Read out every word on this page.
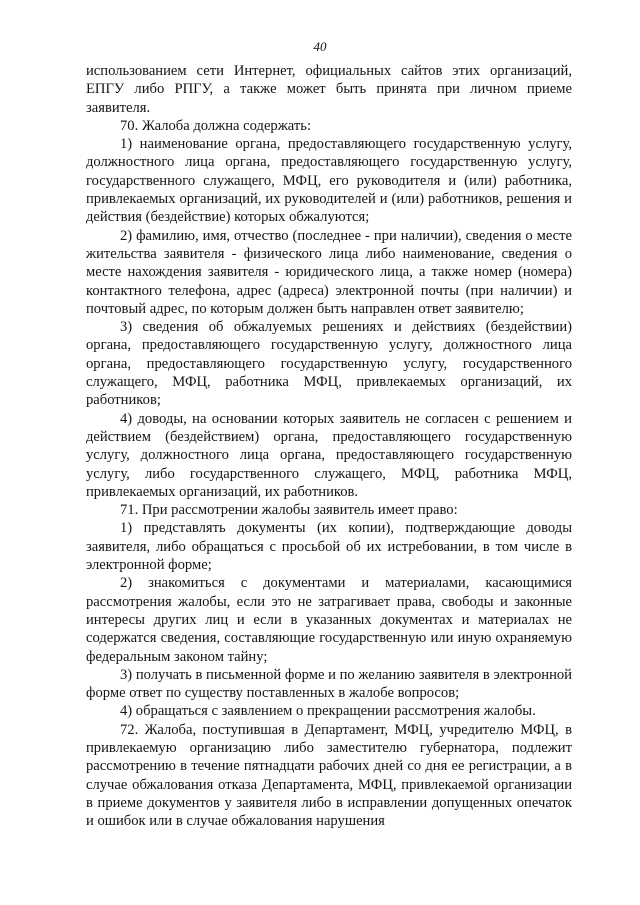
40

использованием сети Интернет, официальных сайтов этих организаций, ЕПГУ либо РПГУ, а также может быть принята при личном приеме заявителя.

70. Жалоба должна содержать:

1) наименование органа, предоставляющего государственную услугу, должностного лица органа, предоставляющего государственную услугу, государственного служащего, МФЦ, его руководителя и (или) работника, привлекаемых организаций, их руководителей и (или) работников, решения и действия (бездействие) которых обжалуются;

2) фамилию, имя, отчество (последнее - при наличии), сведения о месте жительства заявителя - физического лица либо наименование, сведения о месте нахождения заявителя - юридического лица, а также номер (номера) контактного телефона, адрес (адреса) электронной почты (при наличии) и почтовый адрес, по которым должен быть направлен ответ заявителю;

3) сведения об обжалуемых решениях и действиях (бездействии) органа, предоставляющего государственную услугу, должностного лица органа, предоставляющего государственную услугу, государственного служащего, МФЦ, работника МФЦ, привлекаемых организаций, их работников;

4) доводы, на основании которых заявитель не согласен с решением и действием (бездействием) органа, предоставляющего государственную услугу, должностного лица органа, предоставляющего государственную услугу, либо государственного служащего, МФЦ, работника МФЦ, привлекаемых организаций, их работников.

71. При рассмотрении жалобы заявитель имеет право:

1) представлять документы (их копии), подтверждающие доводы заявителя, либо обращаться с просьбой об их истребовании, в том числе в электронной форме;

2) знакомиться с документами и материалами, касающимися рассмотрения жалобы, если это не затрагивает права, свободы и законные интересы других лиц и если в указанных документах и материалах не содержатся сведения, составляющие государственную или иную охраняемую федеральным законом тайну;

3) получать в письменной форме и по желанию заявителя в электронной форме ответ по существу поставленных в жалобе вопросов;

4) обращаться с заявлением о прекращении рассмотрения жалобы.

72. Жалоба, поступившая в Департамент, МФЦ, учредителю МФЦ, в привлекаемую организацию либо заместителю губернатора, подлежит рассмотрению в течение пятнадцати рабочих дней со дня ее регистрации, а в случае обжалования отказа Департамента, МФЦ, привлекаемой организации в приеме документов у заявителя либо в исправлении допущенных опечаток и ошибок или в случае обжалования нарушения
